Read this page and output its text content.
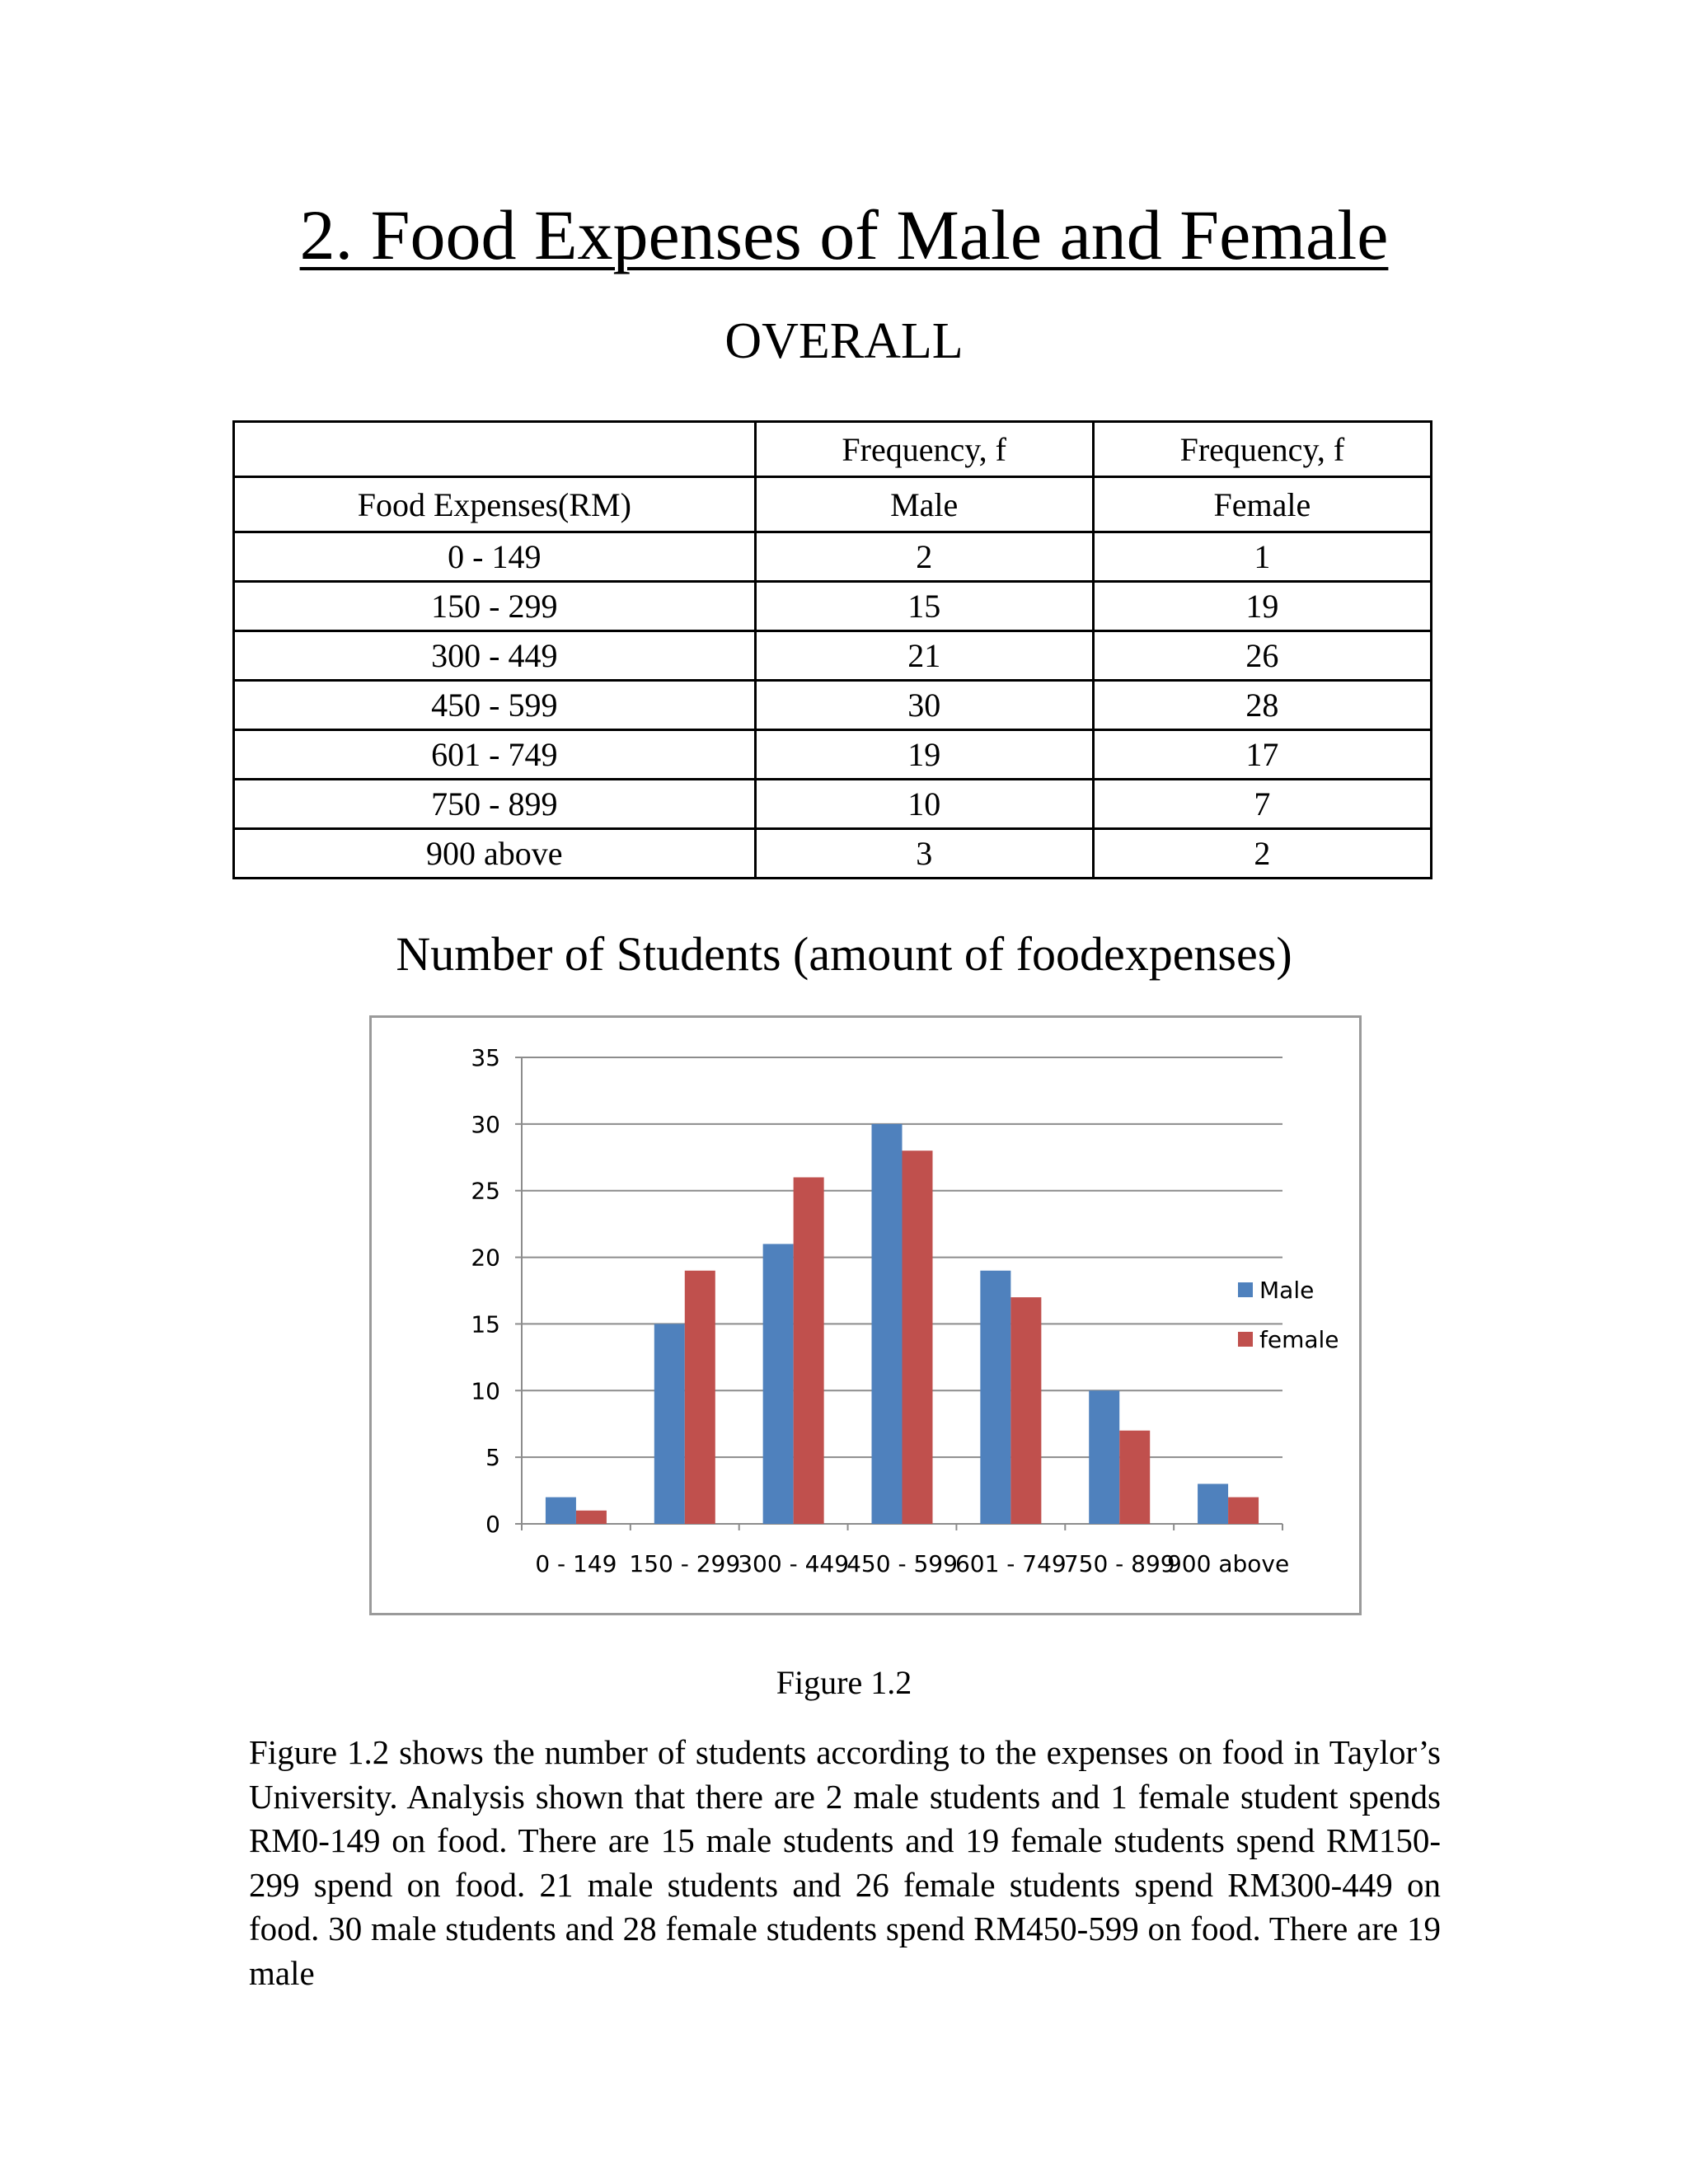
2. Food Expenses of Male and Female
OVERALL
	Frequency, f	Frequency, f
Food Expenses(RM)	Male	Female
0 - 149	2	1
150 - 299	15	19
300 - 449	21	26
450 - 599	30	28
601 - 749	19	17
750 - 899	10	7
900 above	3	2
Number of Students (amount of foodexpenses)
0
5
10
15
20
25
30
35
0 - 149 150 - 299
300 - 449
450 - 599
601 - 749
750 - 899
900 above
Male
female
Figure 1.2
Figure 1.2 shows the number of students according to the expenses on food in Taylor’s University. Analysis shown that there are 2 male students and 1 female student spends RM0-149 on food. There are 15 male students and 19 female students spend RM150-299 spend on food. 21 male students and 26 female students spend RM300-449 on food. 30 male students and 28 female students spend RM450-599 on food. There are 19 male
